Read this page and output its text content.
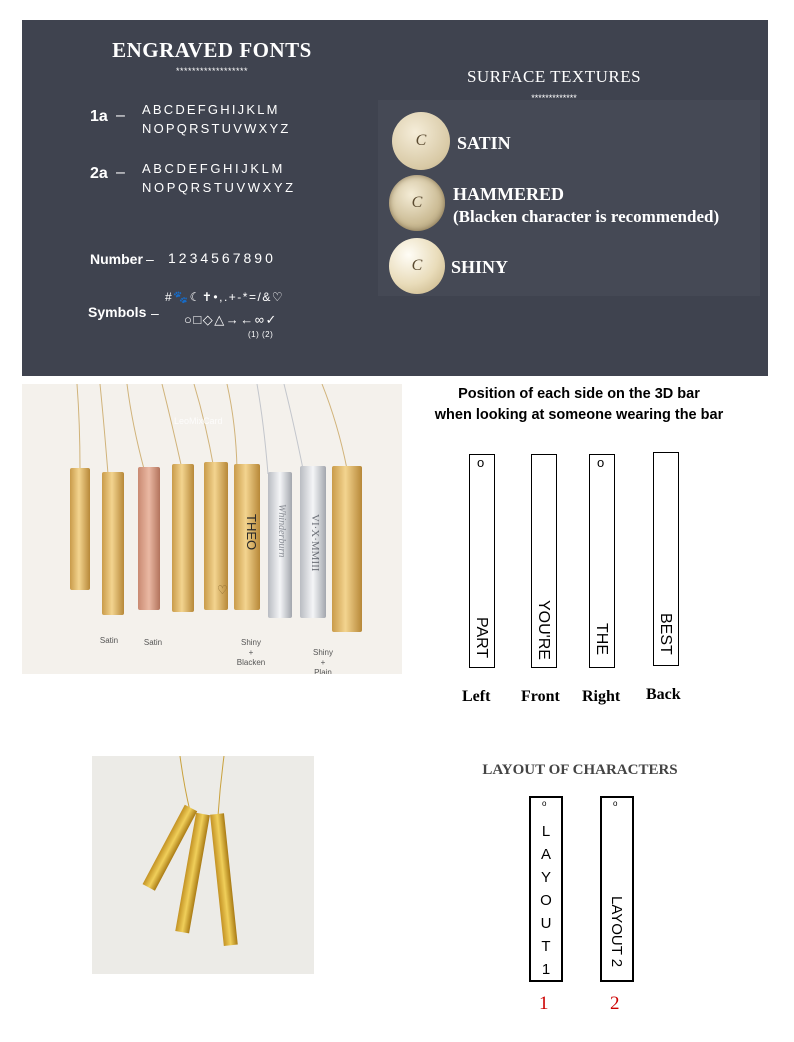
ENGRAVED FONTS
******************
1a – ABCDEFGHIJKLM
NOPQRSTUVWXYZ
2a – ABCDEFGHIJKLM
NOPQRSTUVWXYZ
Number – 1234567890
Symbols –
#🐾☾✝•,.+-*=/&♡
○□◇△→←∞✓
(1) (2)
SURFACE TEXTURES
*************
C SATIN
C HAMMERED
(Blacken character is recommended)
C SHINY
THEO	VI·X·MMIII
Whinderburn
LeoMixCard
♡
Satin	Satin	Shiny
+
Blacken
Shiny
+
Plain
Position of each side on the 3D bar
when looking at someone wearing the bar
o
PART
Left
YOU'RE
Front
o
THE
Right
BEST
Back
LAYOUT OF CHARACTERS
o
L
A
Y
O
U
T
1
1
o
LAYOUT 2
2
